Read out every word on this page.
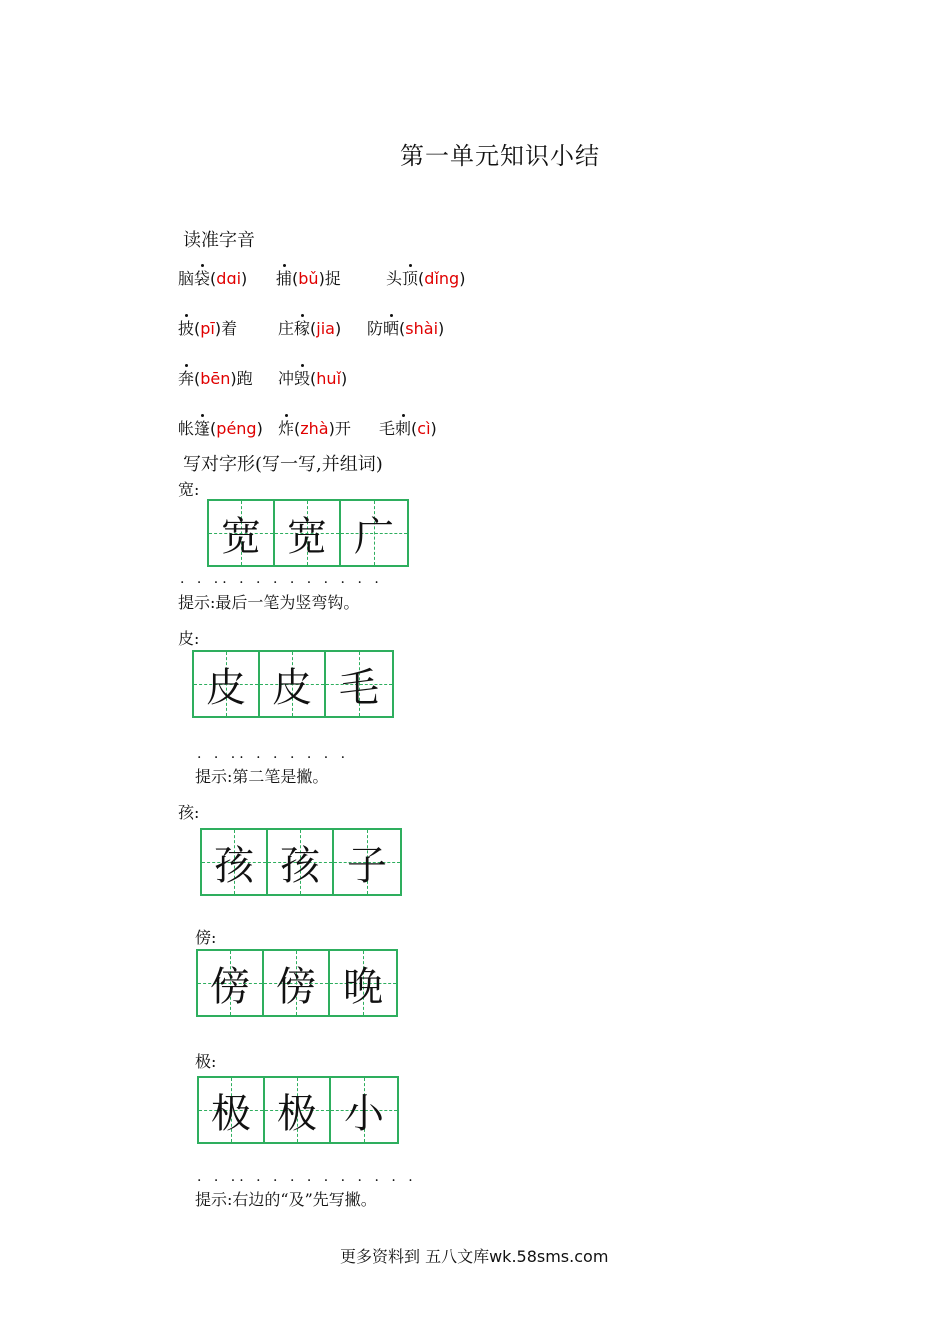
第一单元知识小结
读准字音
脑袋(dɑi) 捕(bǔ)捉	头顶(dǐng)
披(pī)着	庄稼(jia) 防晒(shài)
奔(bēn)跑 冲毁(huǐ)
帐篷(péng) 炸(zhà)开 毛刺(cì)
写对字形(写一写,并组词)
宽:
宽 宽 广
· · ·· · · · · · · · · ·
提示:最后一笔为竖弯钩。
皮:
皮 皮 毛
· · ·· · · · · · ·
提示:第二笔是撇。
孩:
孩 孩 子
傍:
傍 傍 晚
极:
极 极 小
· · ·· · · · · · · · · · ·
提示:右边的“及”先写撇。
更多资料到 五八文库wk.58sms.com
